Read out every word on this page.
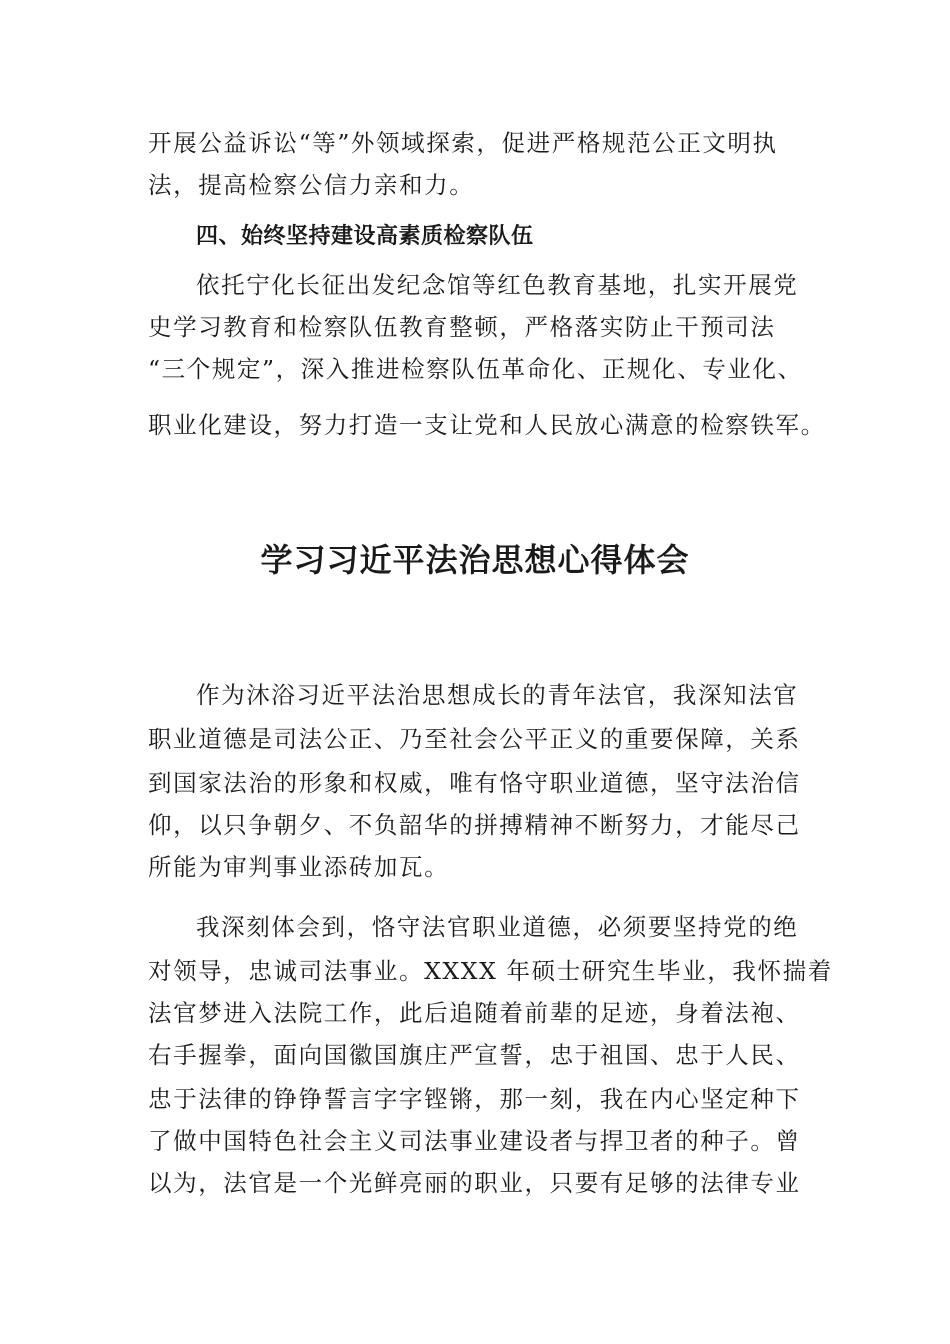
开展公益诉讼“等”外领域探索，促进严格规范公正文明执
法，提高检察公信力亲和力。
四、始终坚持建设高素质检察队伍
依托宁化长征出发纪念馆等红色教育基地，扎实开展党
史学习教育和检察队伍教育整顿，严格落实防止干预司法
“三个规定”，深入推进检察队伍革命化、正规化、专业化、
职业化建设，努力打造一支让党和人民放心满意的检察铁军。
学习习近平法治思想心得体会
作为沐浴习近平法治思想成长的青年法官，我深知法官
职业道德是司法公正、乃至社会公平正义的重要保障，关系
到国家法治的形象和权威，唯有恪守职业道德，坚守法治信
仰，以只争朝夕、不负韶华的拼搏精神不断努力，才能尽己
所能为审判事业添砖加瓦。
我深刻体会到，恪守法官职业道德，必须要坚持党的绝
对领导，忠诚司法事业。XXXX 年硕士研究生毕业，我怀揣着
法官梦进入法院工作，此后追随着前辈的足迹，身着法袍、
右手握拳，面向国徽国旗庄严宣誓，忠于祖国、忠于人民、
忠于法律的铮铮誓言字字铿锵，那一刻，我在内心坚定种下
了做中国特色社会主义司法事业建设者与捍卫者的种子。曾
以为，法官是一个光鲜亮丽的职业，只要有足够的法律专业
